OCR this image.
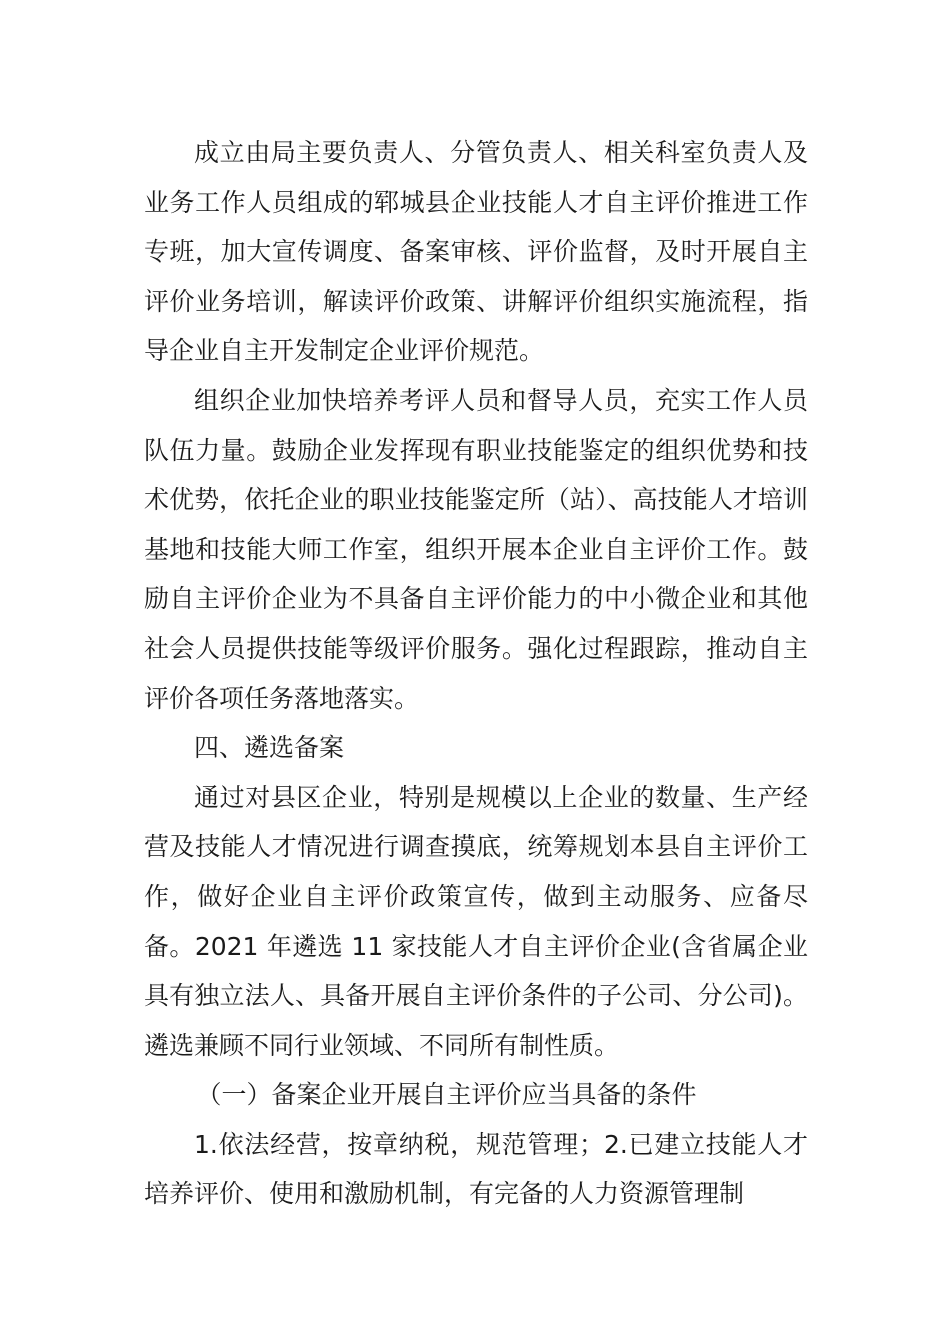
成立由局主要负责人、分管负责人、相关科室负责人及业务工作人员组成的郓城县企业技能人才自主评价推进工作专班，加大宣传调度、备案审核、评价监督，及时开展自主评价业务培训，解读评价政策、讲解评价组织实施流程，指导企业自主开发制定企业评价规范。

组织企业加快培养考评人员和督导人员，充实工作人员队伍力量。鼓励企业发挥现有职业技能鉴定的组织优势和技术优势，依托企业的职业技能鉴定所（站）、高技能人才培训基地和技能大师工作室，组织开展本企业自主评价工作。鼓励自主评价企业为不具备自主评价能力的中小微企业和其他社会人员提供技能等级评价服务。强化过程跟踪，推动自主评价各项任务落地落实。

四、遴选备案

通过对县区企业，特别是规模以上企业的数量、生产经营及技能人才情况进行调查摸底，统筹规划本县自主评价工作，做好企业自主评价政策宣传，做到主动服务、应备尽备。2021 年遴选 11 家技能人才自主评价企业(含省属企业具有独立法人、具备开展自主评价条件的子公司、分公司)。遴选兼顾不同行业领域、不同所有制性质。

（一）备案企业开展自主评价应当具备的条件

1.依法经营，按章纳税，规范管理；2.已建立技能人才培养评价、使用和激励机制，有完备的人力资源管理制
